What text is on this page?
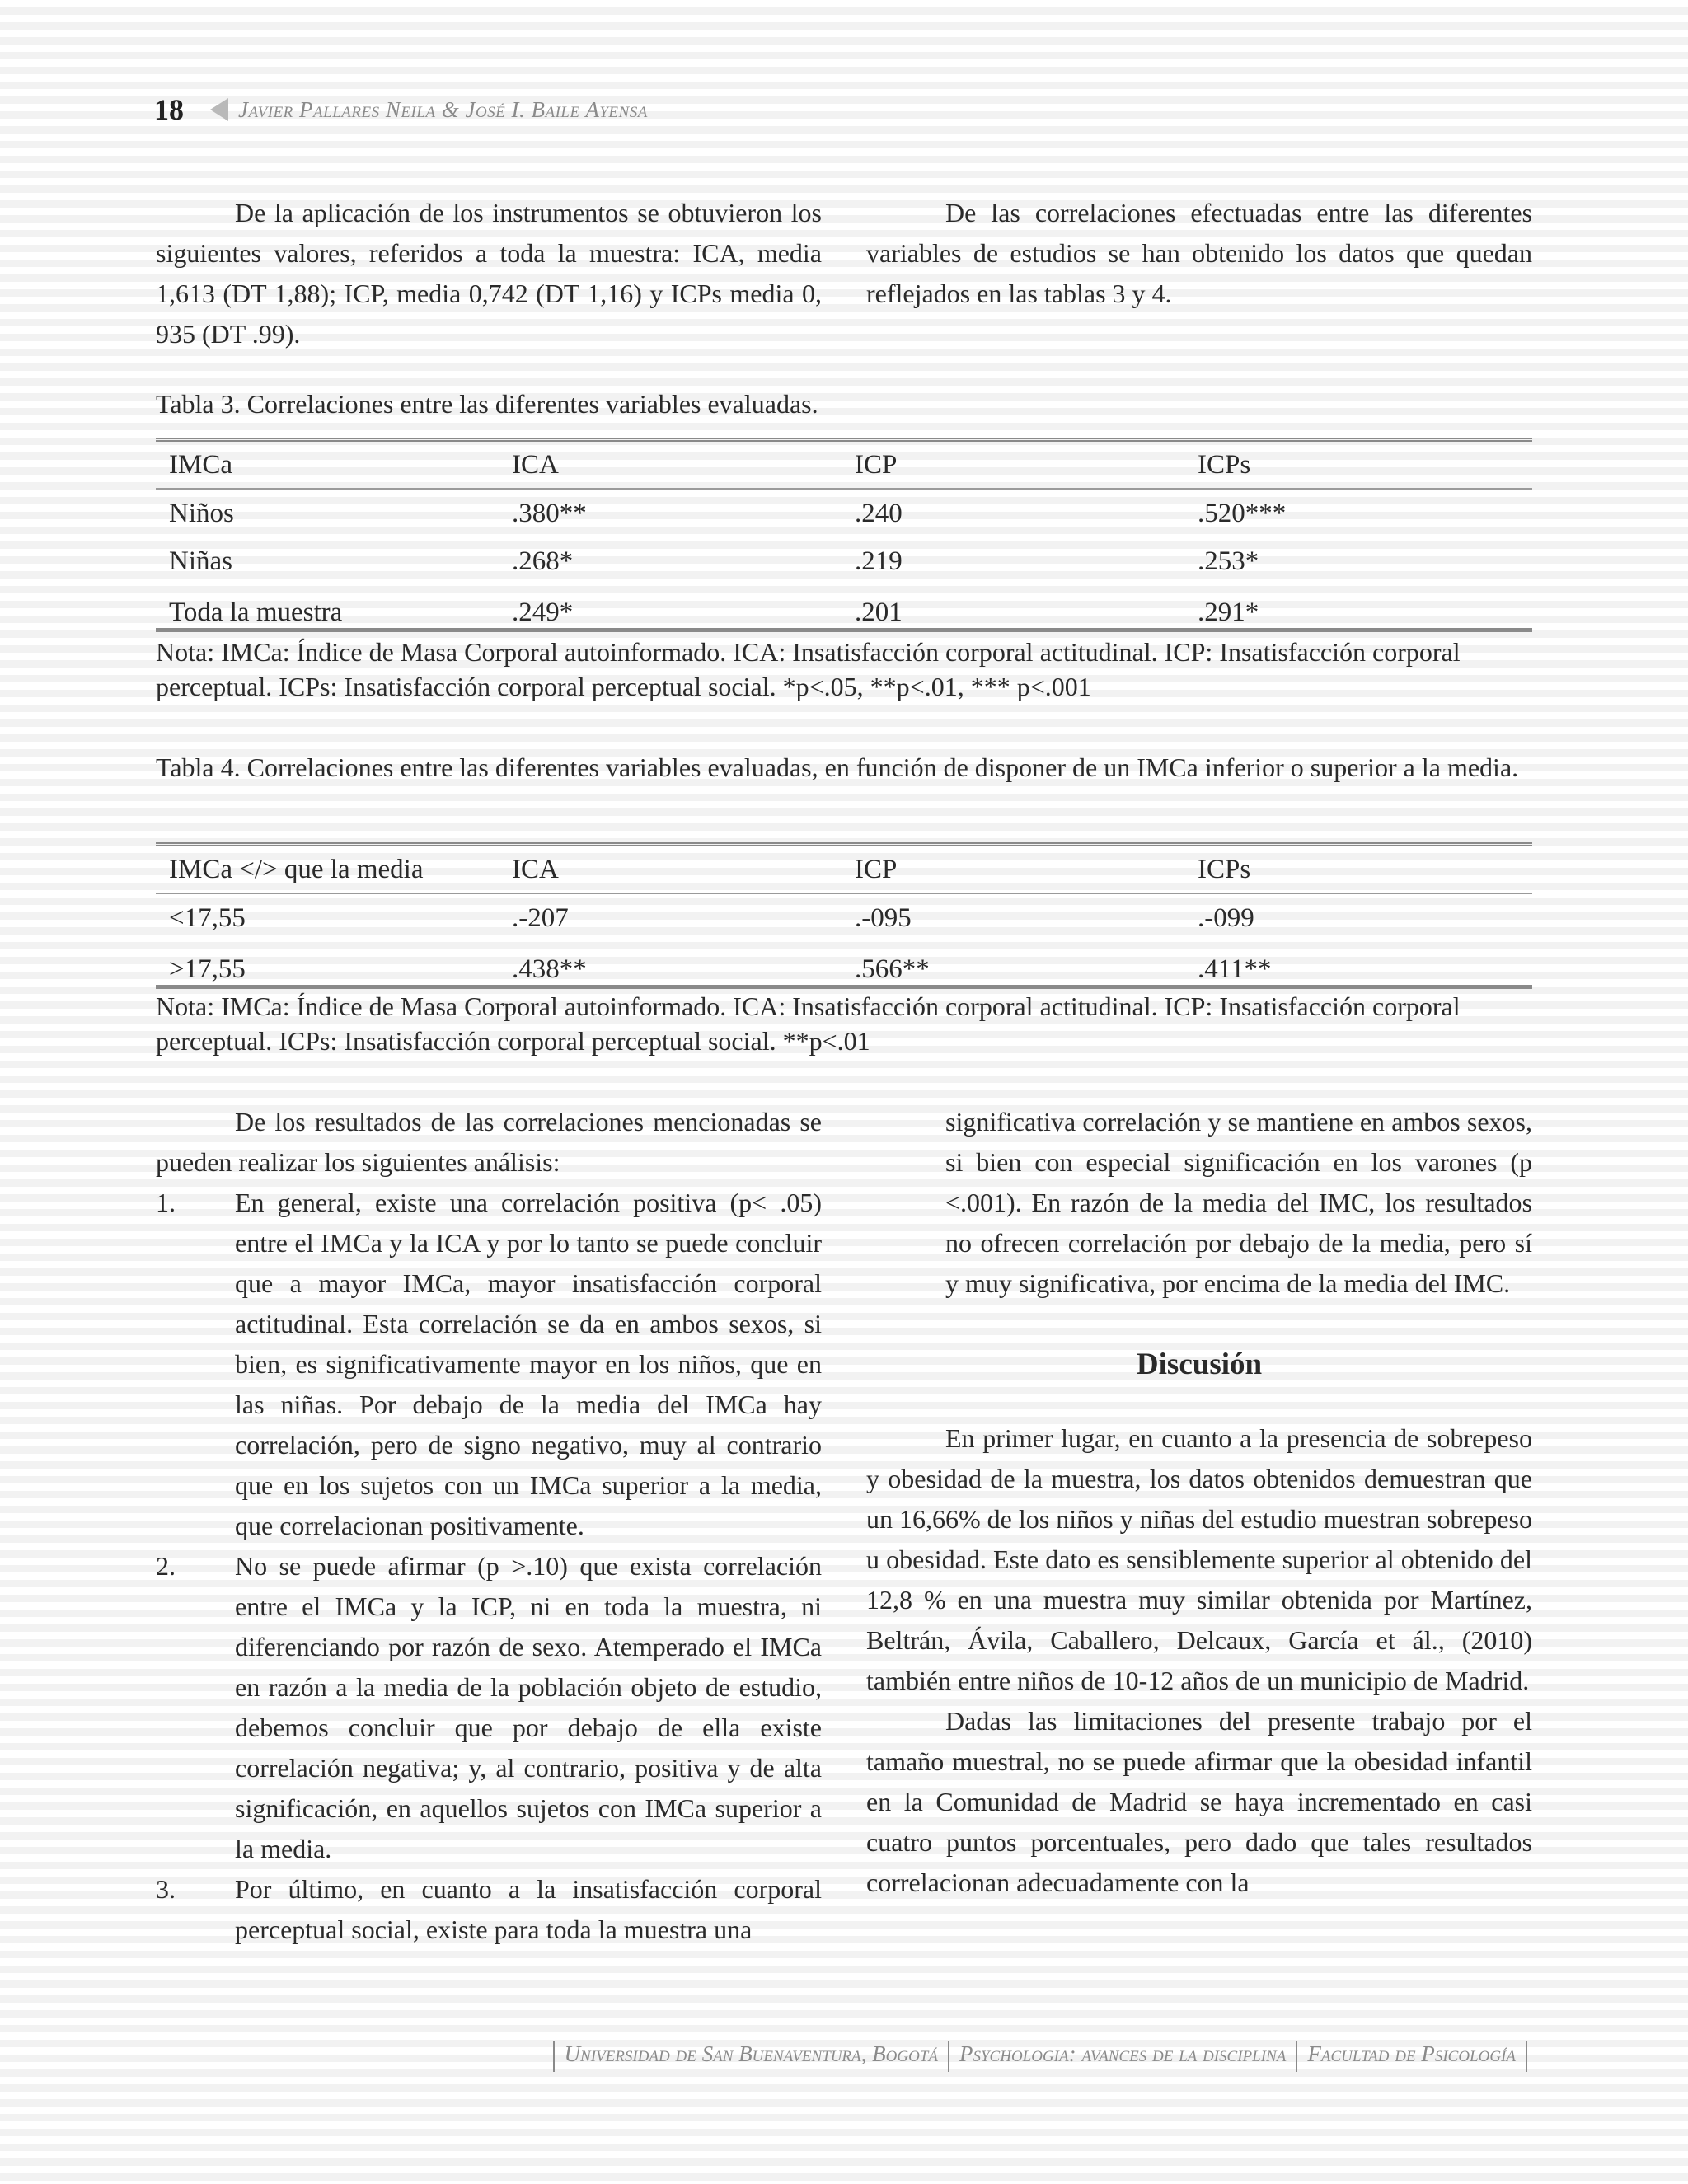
18 Javier Pallares Neila & José I. Baile Ayensa

De la aplicación de los instrumentos se obtuvieron los siguientes valores, referidos a toda la muestra: ICA, media 1,613 (DT 1,88); ICP, media 0,742 (DT 1,16) y ICPs media 0, 935 (DT .99).

De las correlaciones efectuadas entre las diferentes variables de estudios se han obtenido los datos que quedan reflejados en las tablas 3 y 4.

Tabla 3. Correlaciones entre las diferentes variables evaluadas.
IMCa	ICA	ICP	ICPs
Niños	.380**	.240	.520***
Niñas	.268*	.219	.253*
Toda la muestra	.249*	.201	.291*
Nota: IMCa: Índice de Masa Corporal autoinformado. ICA: Insatisfacción corporal actitudinal. ICP: Insatisfacción corporal perceptual. ICPs: Insatisfacción corporal perceptual social. *p<.05, **p<.01, *** p<.001
Tabla 4. Correlaciones entre las diferentes variables evaluadas, en función de disponer de un IMCa inferior o superior a la media.
IMCa </> que la media	ICA	ICP	ICPs
<17,55	.-207	.-095	.-099
>17,55	.438**	.566**	.411**
Nota: IMCa: Índice de Masa Corporal autoinformado. ICA: Insatisfacción corporal actitudinal. ICP: Insatisfacción corporal perceptual. ICPs: Insatisfacción corporal perceptual social. **p<.01

De los resultados de las correlaciones mencionadas se pueden realizar los siguientes análisis:

1.	En general, existe una correlación positiva (p< .05) entre el IMCa y la ICA y por lo tanto se puede concluir que a mayor IMCa, mayor insatisfacción corporal actitudinal. Esta correlación se da en ambos sexos, si bien, es significativamente mayor en los niños, que en las niñas. Por debajo de la media del IMCa hay correlación, pero de signo negativo, muy al contrario que en los sujetos con un IMCa superior a la media, que correlacionan positivamente.
2.	No se puede afirmar (p >.10) que exista correlación entre el IMCa y la ICP, ni en toda la muestra, ni diferenciando por razón de sexo. Atemperado el IMCa en razón a la media de la población objeto de estudio, debemos concluir que por debajo de ella existe correlación negativa; y, al contrario, positiva y de alta significación, en aquellos sujetos con IMCa superior a la media.
3.	Por último, en cuanto a la insatisfacción corporal perceptual social, existe para toda la muestra una

significativa correlación y se mantiene en ambos sexos, si bien con especial significación en los varones (p <.001). En razón de la media del IMC, los resultados no ofrecen correlación por debajo de la media, pero sí y muy significativa, por encima de la media del IMC.

Discusión

En primer lugar, en cuanto a la presencia de sobrepeso y obesidad de la muestra, los datos obtenidos demuestran que un 16,66% de los niños y niñas del estudio muestran sobrepeso u obesidad. Este dato es sensiblemente superior al obtenido del 12,8 % en una muestra muy similar obtenida por Martínez, Beltrán, Ávila, Caballero, Delcaux, García et ál., (2010) también entre niños de 10-12 años de un municipio de Madrid.

Dadas las limitaciones del presente trabajo por el tamaño muestral, no se puede afirmar que la obesidad infantil en la Comunidad de Madrid se haya incrementado en casi cuatro puntos porcentuales, pero dado que tales resultados correlacionan adecuadamente con la

Universidad de San Buenaventura, Bogotá Psychologia: avances de la disciplina Facultad de Psicología
